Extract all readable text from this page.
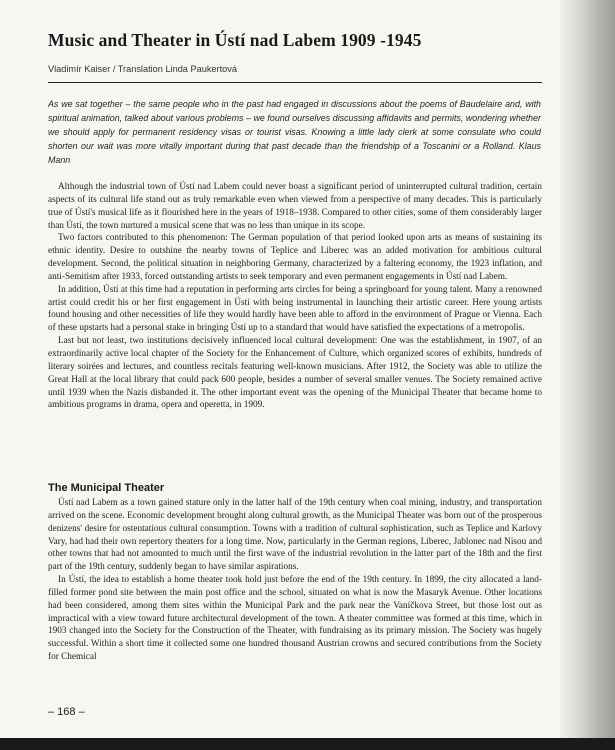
Music and Theater in Ústí nad Labem 1909 -1945
Vladimír Kaiser / Translation Linda Paukertová
As we sat together – the same people who in the past had engaged in discussions about the poems of Baudelaire and, with spiritual animation, talked about various problems – we found ourselves discussing affidavits and permits, wondering whether we should apply for permanent residency visas or tourist visas. Knowing a little lady clerk at some consulate who could shorten our wait was more vitally important during that past decade than the friendship of a Toscanini or a Rolland. Klaus Mann

Although the industrial town of Ústí nad Labem could never boast a significant period of uninterrupted cultural tradition, certain aspects of its cultural life stand out as truly remarkable even when viewed from a perspective of many decades. This is particularly true of Ústí's musical life as it flourished here in the years of 1918–1938. Compared to other cities, some of them considerably larger than Ústí, the town nurtured a musical scene that was no less than unique in its scope.

Two factors contributed to this phenomenon: The German population of that period looked upon arts as means of sustaining its ethnic identity. Desire to outshine the nearby towns of Teplice and Liberec was an added motivation for ambitious cultural development. Second, the political situation in neighboring Germany, characterized by a faltering economy, the 1923 inflation, and anti-Semitism after 1933, forced outstanding artists to seek temporary and even permanent engagements in Ústí nad Labem.

In addition, Ústí at this time had a reputation in performing arts circles for being a springboard for young talent. Many a renowned artist could credit his or her first engagement in Ústí with being instrumental in launching their artistic career. Here young artists found housing and other necessities of life they would hardly have been able to afford in the environment of Prague or Vienna. Each of these upstarts had a personal stake in bringing Ústí up to a standard that would have satisfied the expectations of a metropolis.

Last but not least, two institutions decisively influenced local cultural development: One was the establishment, in 1907, of an extraordinarily active local chapter of the Society for the Enhancement of Culture, which organized scores of exhibits, hundreds of literary soirées and lectures, and countless recitals featuring well-known musicians. After 1912, the Society was able to utilize the Great Hall at the local library that could pack 600 people, besides a number of several smaller venues. The Society remained active until 1939 when the Nazis disbanded it. The other important event was the opening of the Municipal Theater that became home to ambitious programs in drama, opera and operetta, in 1909.

The Municipal Theater

Ústí nad Labem as a town gained stature only in the latter half of the 19th century when coal mining, industry, and transportation arrived on the scene. Economic development brought along cultural growth, as the Municipal Theater was born out of the prosperous denizens' desire for ostentatious cultural consumption. Towns with a tradition of cultural sophistication, such as Teplice and Karlovy Vary, had had their own repertory theaters for a long time. Now, particularly in the German regions, Liberec, Jablonec nad Nisou and other towns that had not amounted to much until the first wave of the industrial revolution in the latter part of the 18th and the first part of the 19th century, suddenly began to have similar aspirations.

In Ústí, the idea to establish a home theater took hold just before the end of the 19th century. In 1899, the city allocated a land-filled former pond site between the main post office and the school, situated on what is now the Masaryk Avenue. Other locations had been considered, among them sites within the Municipal Park and the park near the Vaníčkova Street, but those lost out as impractical with a view toward future architectural development of the town. A theater committee was formed at this time, which in 1903 changed into the Society for the Construction of the Theater, with fundraising as its primary mission. The Society was hugely successful. Within a short time it collected some one hundred thousand Austrian crowns and secured contributions from the Society for Chemical

– 168 –
